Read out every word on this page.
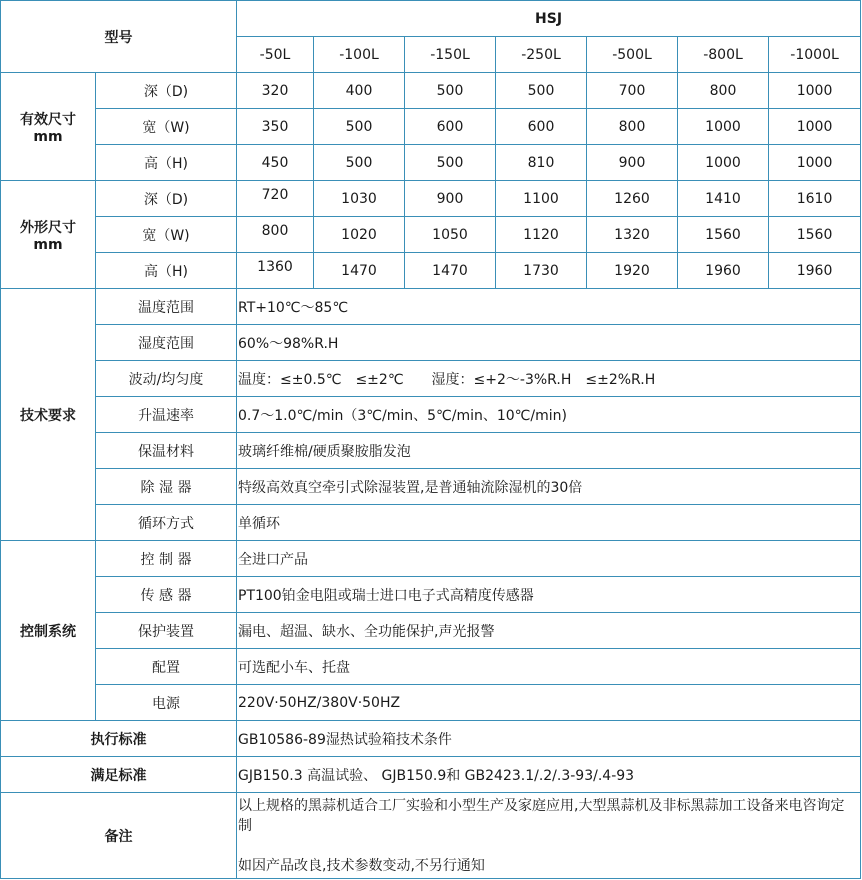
型号		HSJ						
		-50L	-100L	-150L	-250L	-500L	-800L	-1000L

有效尺寸
mm	深（D)	320	400	500	500	700	800	1000
	宽（W)	350	500	600	600	800	1000	1000
	高（H)	450	500	500	810	900	1000	1000

外形尺寸
mm	深（D)	720	1030	900	1100	1260	1410	1610
	宽（W)	800	1020	1050	1120	1320	1560	1560
	高（H)	1360	1470	1470	1730	1920	1960	1960
技术要求	温度范围	RT+10℃～85℃						
	湿度范围	60%～98%R.H						
	波动/均匀度	温度：≤±0.5℃　≤±2℃　　湿度：≤+2～-3%R.H　≤±2%R.H						
	升温速率	0.7～1.0℃/min（3℃/min、5℃/min、10℃/min)						
	保温材料	玻璃纤维棉/硬质聚胺脂发泡						
	除 湿 器	特级高效真空牵引式除湿装置,是普通轴流除湿机的30倍						
	循环方式	单循环						
控制系统	控 制 器	全进口产品						
	传 感 器	PT100铂金电阻或瑞士进口电子式高精度传感器						
	保护装置	漏电、超温、缺水、全功能保护,声光报警						
	配置	可选配小车、托盘						
	电源	220V·50HZ/380V·50HZ						
执行标准		GB10586-89湿热试验箱技术条件						
满足标准		GJB150.3 高温试验、 GJB150.9和 GB2423.1/.2/.3-93/.4-93						
备注		以上规格的黑蒜机适合工厂实验和小型生产及家庭应用,大型黑蒜机及非标黑蒜加工设备来电咨询定制
如因产品改良,技术参数变动,不另行通知						
